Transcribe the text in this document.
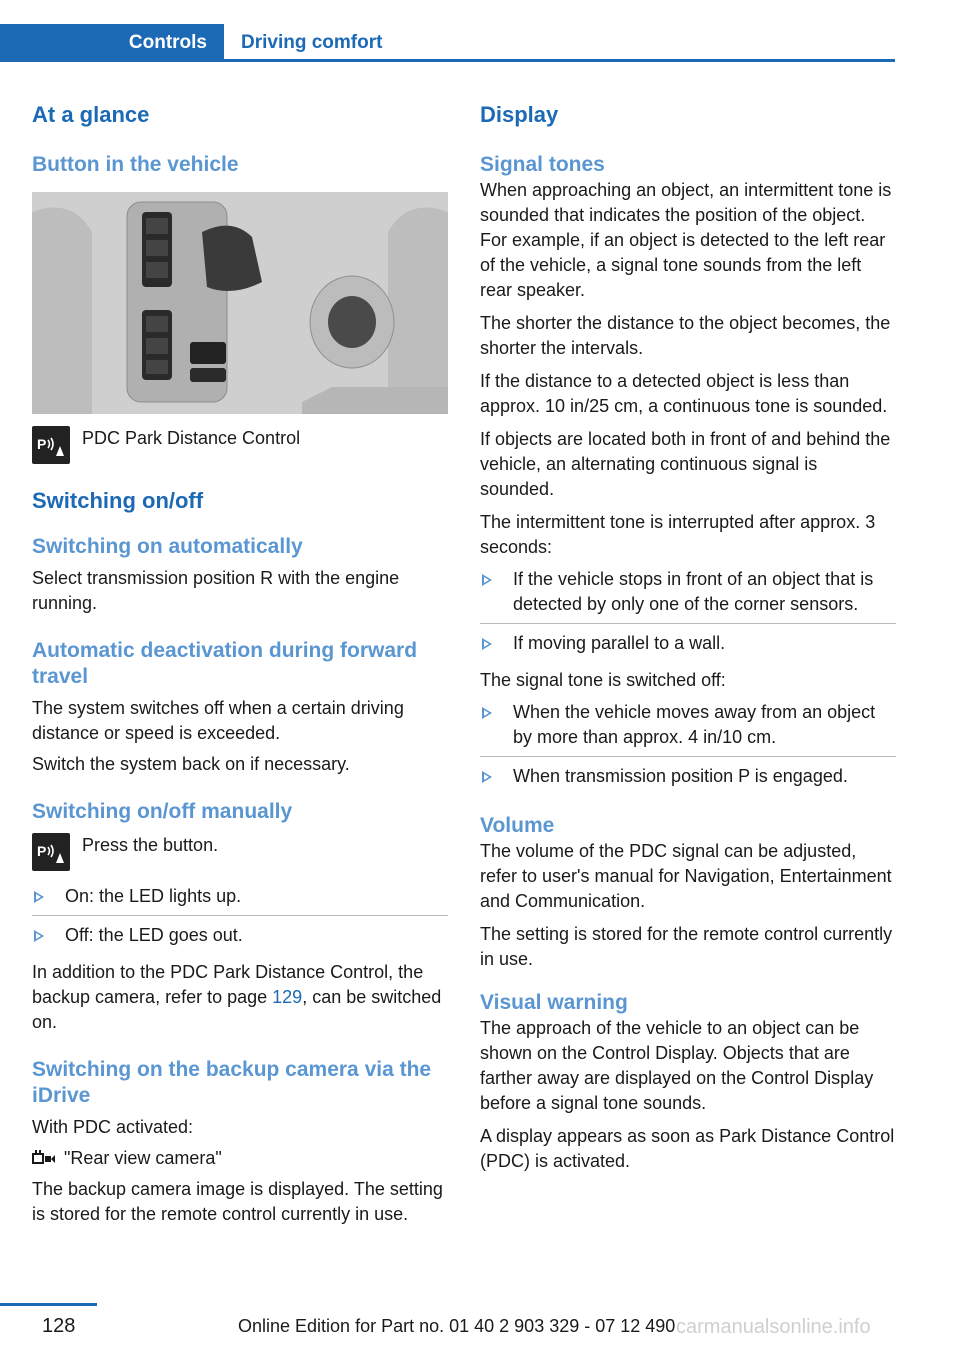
Controls	Driving comfort
At a glance
Button in the vehicle
P PDC Park Distance Control

Switching on/off
Switching on automatically

Select transmission position R with the engine running.

Automatic deactivation during forward travel

The system switches off when a certain driving distance or speed is exceeded.

Switch the system back on if necessary.

Switching on/off manually
P Press the button.

On: the LED lights up.
Off: the LED goes out.

In addition to the PDC Park Distance Control, the backup camera, refer to page 129, can be switched on.

Switching on the backup camera via the iDrive

With PDC activated:

"Rear view camera"

The backup camera image is displayed. The setting is stored for the remote control currently in use.

Display
Signal tones

When approaching an object, an intermittent tone is sounded that indicates the position of the object. For example, if an object is detected to the left rear of the vehicle, a signal tone sounds from the left rear speaker.

The shorter the distance to the object becomes, the shorter the intervals.

If the distance to a detected object is less than approx. 10 in/25 cm, a continuous tone is sounded.

If objects are located both in front of and behind the vehicle, an alternating continuous signal is sounded.

The intermittent tone is interrupted after approx. 3 seconds:

If the vehicle stops in front of an object that is detected by only one of the corner sensors.
If moving parallel to a wall.

The signal tone is switched off:

When the vehicle moves away from an object by more than approx. 4 in/10 cm.
When transmission position P is engaged.
Volume

The volume of the PDC signal can be adjusted, refer to user's manual for Navigation, Entertainment and Communication.

The setting is stored for the remote control currently in use.

Visual warning

The approach of the vehicle to an object can be shown on the Control Display. Objects that are farther away are displayed on the Control Display before a signal tone sounds.

A display appears as soon as Park Distance Control (PDC) is activated.

128	Online Edition for Part no. 01 40 2 903 329 - 07 12 490 carmanualsonline.info
